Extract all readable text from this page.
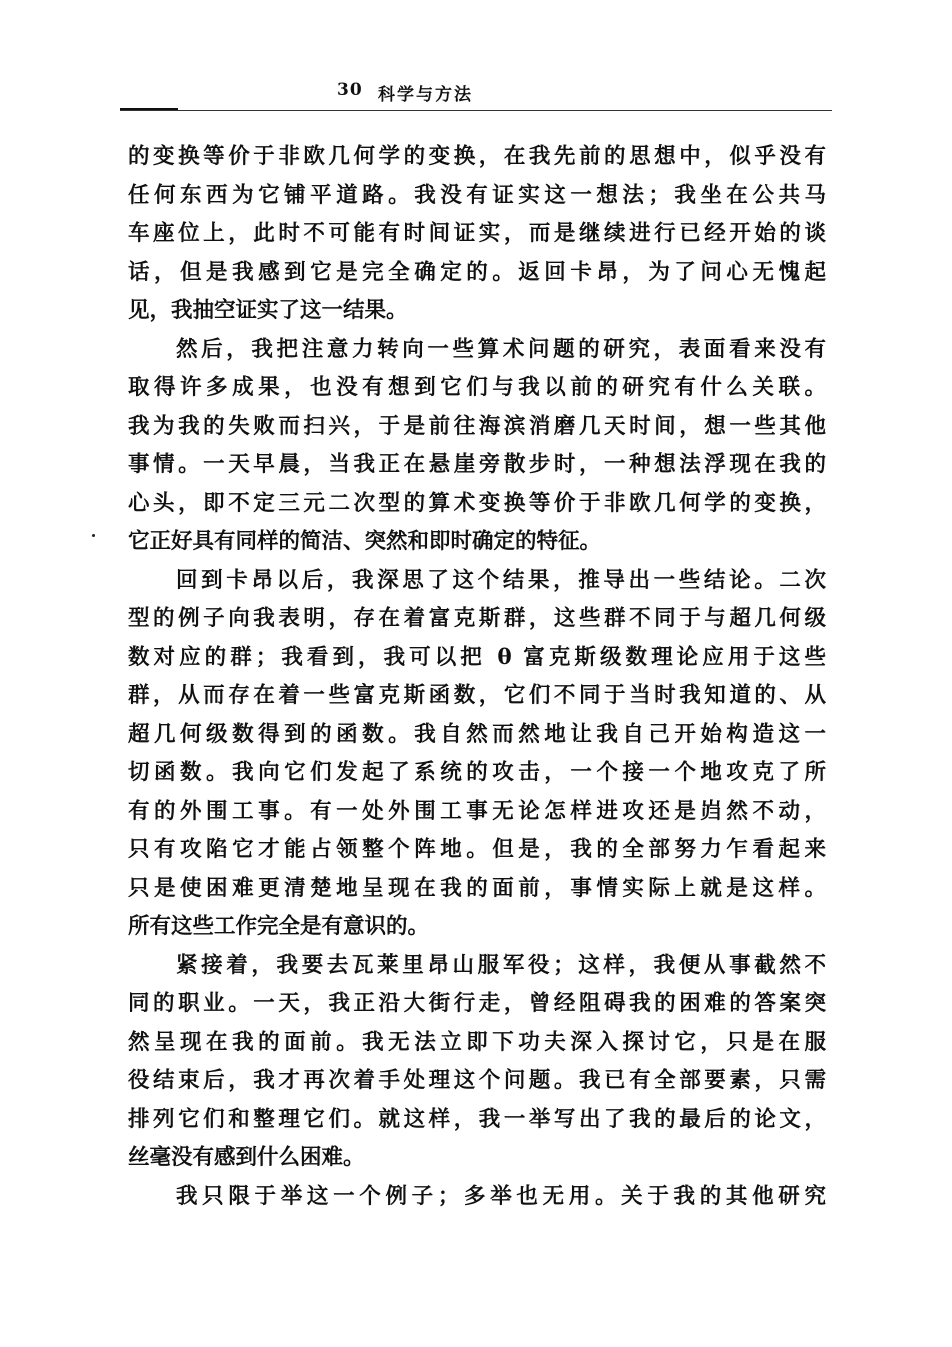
30 科学与方法
的变换等价于非欧几何学的变换，在我先前的思想中，似乎没有
任何东西为它铺平道路。我没有证实这一想法；我坐在公共马
车座位上，此时不可能有时间证实，而是继续进行已经开始的谈
话，但是我感到它是完全确定的。返回卡昂，为了问心无愧起
见，我抽空证实了这一结果。
然后，我把注意力转向一些算术问题的研究，表面看来没有
取得许多成果，也没有想到它们与我以前的研究有什么关联。
我为我的失败而扫兴，于是前往海滨消磨几天时间，想一些其他
事情。一天早晨，当我正在悬崖旁散步时，一种想法浮现在我的
心头，即不定三元二次型的算术变换等价于非欧几何学的变换，
它正好具有同样的简洁、突然和即时确定的特征。
回到卡昂以后，我深思了这个结果，推导出一些结论。二次
型的例子向我表明，存在着富克斯群，这些群不同于与超几何级
数对应的群；我看到，我可以把 θ 富克斯级数理论应用于这些
群，从而存在着一些富克斯函数，它们不同于当时我知道的、从
超几何级数得到的函数。我自然而然地让我自己开始构造这一
切函数。我向它们发起了系统的攻击，一个接一个地攻克了所
有的外围工事。有一处外围工事无论怎样进攻还是岿然不动，
只有攻陷它才能占领整个阵地。但是，我的全部努力乍看起来
只是使困难更清楚地呈现在我的面前，事情实际上就是这样。
所有这些工作完全是有意识的。
紧接着，我要去瓦莱里昂山服军役；这样，我便从事截然不
同的职业。一天，我正沿大街行走，曾经阻碍我的困难的答案突
然呈现在我的面前。我无法立即下功夫深入探讨它，只是在服
役结束后，我才再次着手处理这个问题。我已有全部要素，只需
排列它们和整理它们。就这样，我一举写出了我的最后的论文，
丝毫没有感到什么困难。
我只限于举这一个例子；多举也无用。关于我的其他研究
